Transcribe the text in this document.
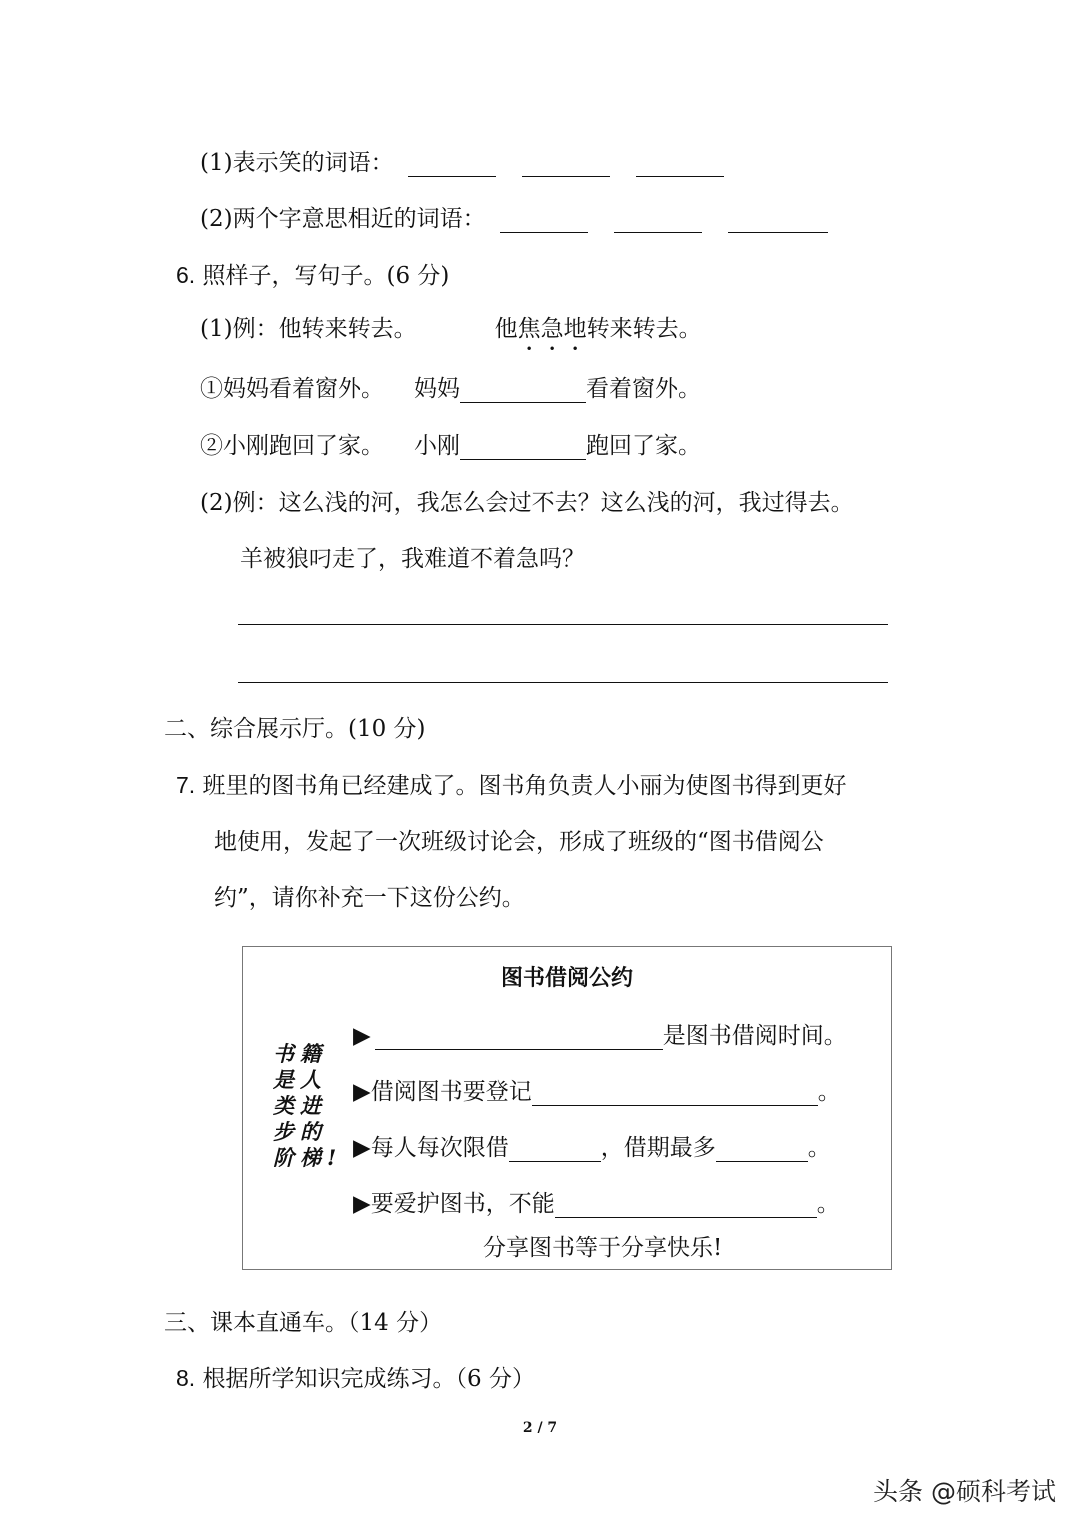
(1)表示笑的词语：
(2)两个字意思相近的词语：
6. 照样子，写句子。(6 分)
(1)例：他转来转去。	他焦急地转来转去。
①妈妈看着窗外。 妈妈	看着窗外。
②小刚跑回了家。 小刚	跑回了家。
(2)例：这么浅的河，我怎么会过不去？这么浅的河，我过得去。
羊被狼叼走了，我难道不着急吗？
二、综合展示厅。(10 分)
7. 班里的图书角已经建成了。图书角负责人小丽为使图书得到更好
地使用，发起了一次班级讨论会，形成了班级的“图书借阅公
约”，请你补充一下这份公约。
图书借阅公约
书籍
是人
类进
步的
阶梯!
▶	是图书借阅时间。
▶借阅图书要登记	。
▶每人每次限借	，借期最多	。
▶要爱护图书，不能	。
分享图书等于分享快乐!
三、课本直通车。（14 分）
8. 根据所学知识完成练习。（6 分）
2 / 7
头条 @硕科考试
